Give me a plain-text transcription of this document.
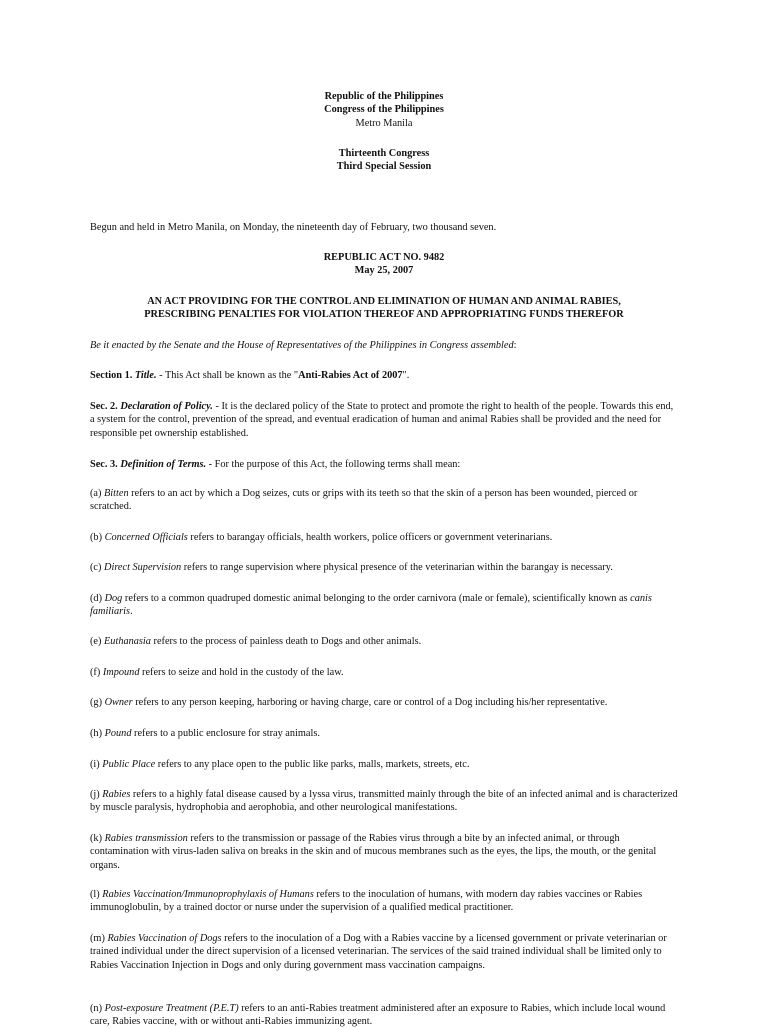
Republic of the Philippines

Congress of the Philippines

Metro Manila

Thirteenth Congress

Third Special Session

Begun and held in Metro Manila, on Monday, the nineteenth day of February, two thousand seven.

REPUBLIC ACT NO. 9482

May 25, 2007

AN ACT PROVIDING FOR THE CONTROL AND ELIMINATION OF HUMAN AND ANIMAL RABIES,

PRESCRIBING PENALTIES FOR VIOLATION THEREOF AND APPROPRIATING FUNDS THEREFOR

Be it enacted by the Senate and the House of Representatives of the Philippines in Congress assembled:

Section 1. Title. - This Act shall be known as the "Anti-Rabies Act of 2007".

Sec. 2. Declaration of Policy. - It is the declared policy of the State to protect and promote the right to health of the people. Towards this end, a system for the control, prevention of the spread, and eventual eradication of human and animal Rabies shall be provided and the need for responsible pet ownership established.

Sec. 3. Definition of Terms. - For the purpose of this Act, the following terms shall mean:

(a) Bitten refers to an act by which a Dog seizes, cuts or grips with its teeth so that the skin of a person has been wounded, pierced or scratched.

(b) Concerned Officials refers to barangay officials, health workers, police officers or government veterinarians.

(c) Direct Supervision refers to range supervision where physical presence of the veterinarian within the barangay is necessary.

(d) Dog refers to a common quadruped domestic animal belonging to the order carnivora (male or female), scientifically known as canis familiaris.

(e) Euthanasia refers to the process of painless death to Dogs and other animals.

(f) Impound refers to seize and hold in the custody of the law.

(g) Owner refers to any person keeping, harboring or having charge, care or control of a Dog including his/her representative.

(h) Pound refers to a public enclosure for stray animals.

(i) Public Place refers to any place open to the public like parks, malls, markets, streets, etc.

(j) Rabies refers to a highly fatal disease caused by a lyssa virus, transmitted mainly through the bite of an infected animal and is characterized by muscle paralysis, hydrophobia and aerophobia, and other neurological manifestations.

(k) Rabies transmission refers to the transmission or passage of the Rabies virus through a bite by an infected animal, or through contamination with virus-laden saliva on breaks in the skin and of mucous membranes such as the eyes, the lips, the mouth, or the genital organs.

(l) Rabies Vaccination/Immunoprophylaxis of Humans refers to the inoculation of humans, with modern day rabies vaccines or Rabies immunoglobulin, by a trained doctor or nurse under the supervision of a qualified medical practitioner.

(m) Rabies Vaccination of Dogs refers to the inoculation of a Dog with a Rabies vaccine by a licensed government or private veterinarian or trained individual under the direct supervision of a licensed veterinarian. The services of the said trained individual shall be limited only to Rabies Vaccination Injection in Dogs and only during government mass vaccination campaigns.

(n) Post-exposure Treatment (P.E.T) refers to an anti-Rabies treatment administered after an exposure to Rabies, which include local wound care, Rabies vaccine, with or without anti-Rabies immunizing agent.
